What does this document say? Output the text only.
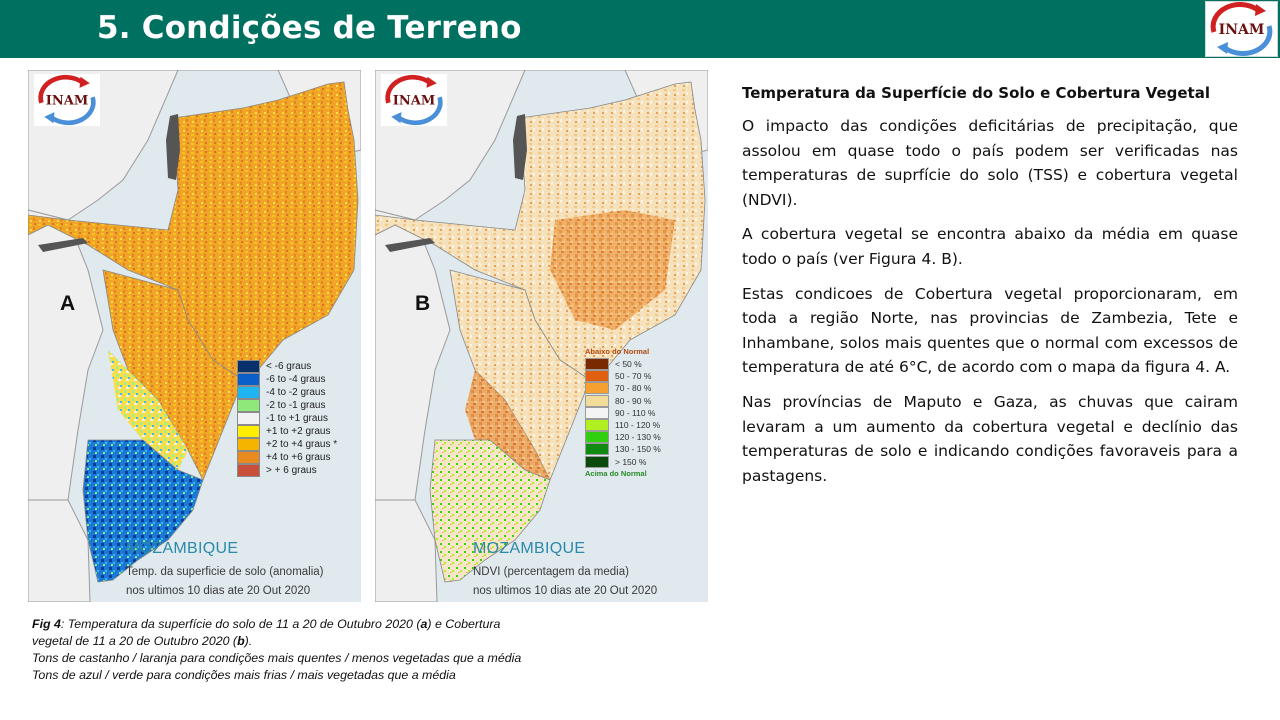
5. Condições de Terreno	INAM
INAM
A
< -6 graus
-6 to -4 graus
-4 to -2 graus
-2 to -1 graus
-1 to +1 graus
+1 to +2 graus
+2 to +4 graus *
+4 to +6 graus
> + 6 graus
MOZAMBIQUE
Temp. da superficie de solo (anomalia)
nos ultimos 10 dias ate 20 Out 2020
INAM
B
Abaixo do Normal
< 50 %
50 - 70 %
70 - 80 %
80 - 90 %
90 - 110 %
110 - 120 %
120 - 130 %
130 - 150 %
> 150 %
Acima do Normal
MOZAMBIQUE
NDVI (percentagem da media)
nos ultimos 10 dias ate 20 Out 2020
Fig 4: Temperatura da superfície do solo de 11 a 20 de Outubro 2020 (a) e Cobertura
vegetal de 11 a 20 de Outubro 2020 (b).
Tons de castanho / laranja para condições mais quentes / menos vegetadas que a média
Tons de azul / verde para condições mais frias / mais vegetadas que a média
Temperatura da Superfície do Solo e Cobertura Vegetal

O impacto das condições deficitárias de precipitação, que assolou em quase todo o país podem ser verificadas nas temperaturas de suprfície do solo (TSS) e cobertura vegetal (NDVI).

A cobertura vegetal se encontra abaixo da média em quase todo o país (ver Figura 4. B).

Estas condicoes de Cobertura vegetal proporcionaram, em toda a região Norte, nas provincias de Zambezia, Tete e Inhambane, solos mais quentes que o normal com excessos de temperatura de até 6°C, de acordo com o mapa da figura 4. A.

Nas províncias de Maputo e Gaza, as chuvas que cairam levaram a um aumento da cobertura vegetal e declínio das temperaturas de solo e indicando condições favoraveis para a pastagens.
